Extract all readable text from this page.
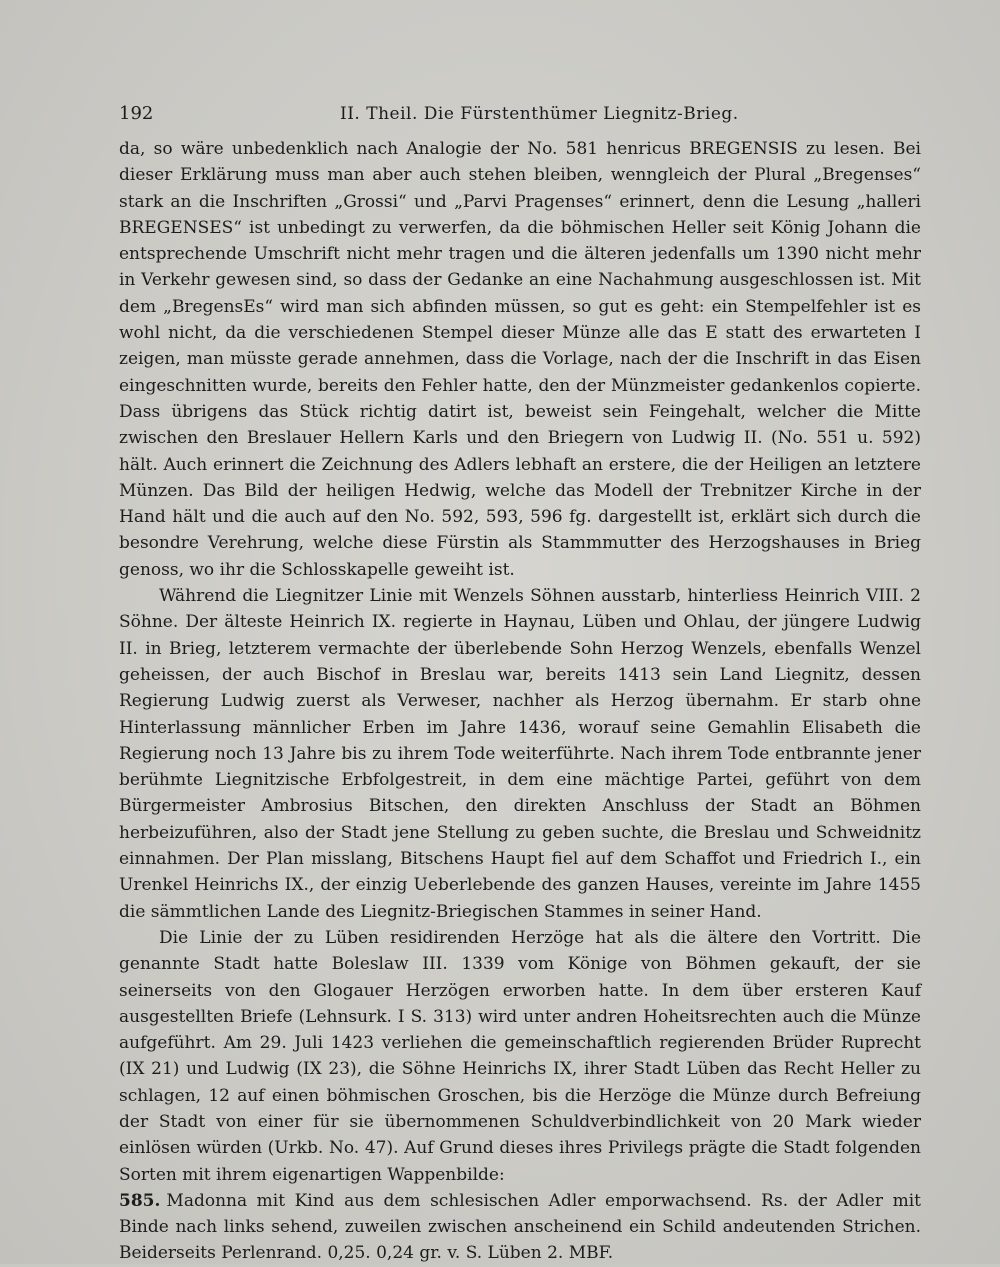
192	II. Theil. Die Fürstenthümer Liegnitz-Brieg.

da, so wäre unbedenklich nach Analogie der No. 581 henricus BREGENSIS zu lesen. Bei dieser Erklärung muss man aber auch stehen bleiben, wenngleich der Plural „Bregenses“ stark an die Inschriften „Grossi“ und „Parvi Pragenses“ erinnert, denn die Lesung „halleri BREGENSES“ ist unbedingt zu verwerfen, da die böhmischen Heller seit König Johann die entsprechende Umschrift nicht mehr tragen und die älteren jedenfalls um 1390 nicht mehr in Verkehr gewesen sind, so dass der Gedanke an eine Nachahmung ausgeschlossen ist. Mit dem „BregensEs“ wird man sich abfinden müssen, so gut es geht: ein Stempelfehler ist es wohl nicht, da die verschiedenen Stempel dieser Münze alle das E statt des erwarteten I zeigen, man müsste gerade annehmen, dass die Vorlage, nach der die Inschrift in das Eisen eingeschnitten wurde, bereits den Fehler hatte, den der Münzmeister gedankenlos copierte. Dass übrigens das Stück richtig datirt ist, beweist sein Feingehalt, welcher die Mitte zwischen den Breslauer Hellern Karls und den Briegern von Ludwig II. (No. 551 u. 592) hält. Auch erinnert die Zeichnung des Adlers lebhaft an erstere, die der Heiligen an letztere Münzen. Das Bild der heiligen Hedwig, welche das Modell der Trebnitzer Kirche in der Hand hält und die auch auf den No. 592, 593, 596 fg. dargestellt ist, erklärt sich durch die besondre Verehrung, welche diese Fürstin als Stammmutter des Herzogshauses in Brieg genoss, wo ihr die Schlosskapelle geweiht ist.

Während die Liegnitzer Linie mit Wenzels Söhnen ausstarb, hinterliess Heinrich VIII. 2 Söhne. Der älteste Heinrich IX. regierte in Haynau, Lüben und Ohlau, der jüngere Ludwig II. in Brieg, letzterem vermachte der überlebende Sohn Herzog Wenzels, ebenfalls Wenzel geheissen, der auch Bischof in Breslau war, bereits 1413 sein Land Liegnitz, dessen Regierung Ludwig zuerst als Verweser, nachher als Herzog übernahm. Er starb ohne Hinterlassung männlicher Erben im Jahre 1436, worauf seine Gemahlin Elisabeth die Regierung noch 13 Jahre bis zu ihrem Tode weiterführte. Nach ihrem Tode entbrannte jener berühmte Liegnitzische Erbfolgestreit, in dem eine mächtige Partei, geführt von dem Bürgermeister Ambrosius Bitschen, den direkten Anschluss der Stadt an Böhmen herbeizuführen, also der Stadt jene Stellung zu geben suchte, die Breslau und Schweidnitz einnahmen. Der Plan misslang, Bitschens Haupt fiel auf dem Schaffot und Friedrich I., ein Urenkel Heinrichs IX., der einzig Ueberlebende des ganzen Hauses, vereinte im Jahre 1455 die sämmtlichen Lande des Liegnitz-Briegischen Stammes in seiner Hand.

Die Linie der zu Lüben residirenden Herzöge hat als die ältere den Vortritt. Die genannte Stadt hatte Boleslaw III. 1339 vom Könige von Böhmen gekauft, der sie seinerseits von den Glogauer Herzögen erworben hatte. In dem über ersteren Kauf ausgestellten Briefe (Lehnsurk. I S. 313) wird unter andren Hoheitsrechten auch die Münze aufgeführt. Am 29. Juli 1423 verliehen die gemeinschaftlich regierenden Brüder Ruprecht (IX 21) und Ludwig (IX 23), die Söhne Heinrichs IX, ihrer Stadt Lüben das Recht Heller zu schlagen, 12 auf einen böhmischen Groschen, bis die Herzöge die Münze durch Befreiung der Stadt von einer für sie übernommenen Schuldverbindlichkeit von 20 Mark wieder einlösen würden (Urkb. No. 47). Auf Grund dieses ihres Privilegs prägte die Stadt folgenden Sorten mit ihrem eigenartigen Wappenbilde:

585. Madonna mit Kind aus dem schlesischen Adler emporwachsend. Rs. der Adler mit Binde nach links sehend, zuweilen zwischen anscheinend ein Schild andeutenden Strichen. Beiderseits Perlenrand. 0,25. 0,24 gr. v. S. Lüben 2. MBF.
